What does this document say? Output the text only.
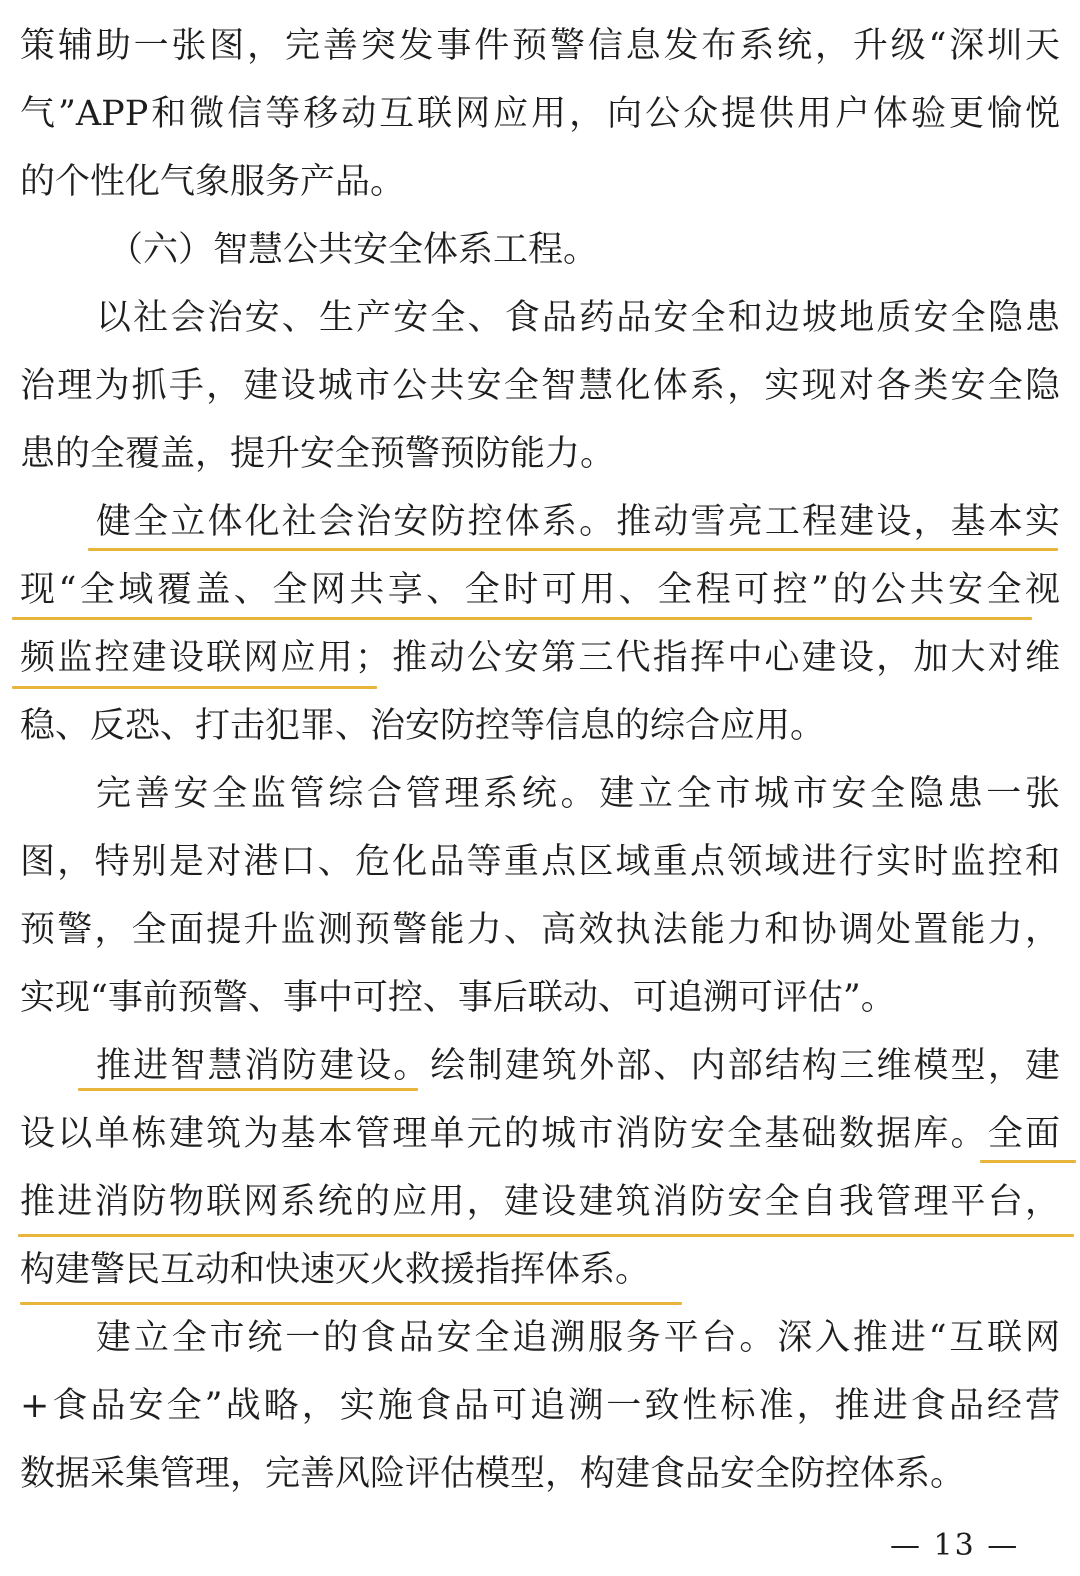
策辅助一张图，完善突发事件预警信息发布系统，升级“深圳天
气”APP和微信等移动互联网应用，向公众提供用户体验更愉悦
的个性化气象服务产品。
（六）智慧公共安全体系工程。
以社会治安、生产安全、食品药品安全和边坡地质安全隐患
治理为抓手，建设城市公共安全智慧化体系，实现对各类安全隐
患的全覆盖，提升安全预警预防能力。
健全立体化社会治安防控体系。推动雪亮工程建设，基本实
现“全域覆盖、全网共享、全时可用、全程可控”的公共安全视
频监控建设联网应用；推动公安第三代指挥中心建设，加大对维
稳、反恐、打击犯罪、治安防控等信息的综合应用。
完善安全监管综合管理系统。建立全市城市安全隐患一张
图，特别是对港口、危化品等重点区域重点领域进行实时监控和
预警，全面提升监测预警能力、高效执法能力和协调处置能力，
实现“事前预警、事中可控、事后联动、可追溯可评估”。
推进智慧消防建设。绘制建筑外部、内部结构三维模型，建
设以单栋建筑为基本管理单元的城市消防安全基础数据库。全面
推进消防物联网系统的应用，建设建筑消防安全自我管理平台，
构建警民互动和快速灭火救援指挥体系。
建立全市统一的食品安全追溯服务平台。深入推进“互联网
+食品安全”战略，实施食品可追溯一致性标准，推进食品经营
数据采集管理，完善风险评估模型，构建食品安全防控体系。
— 13 —
